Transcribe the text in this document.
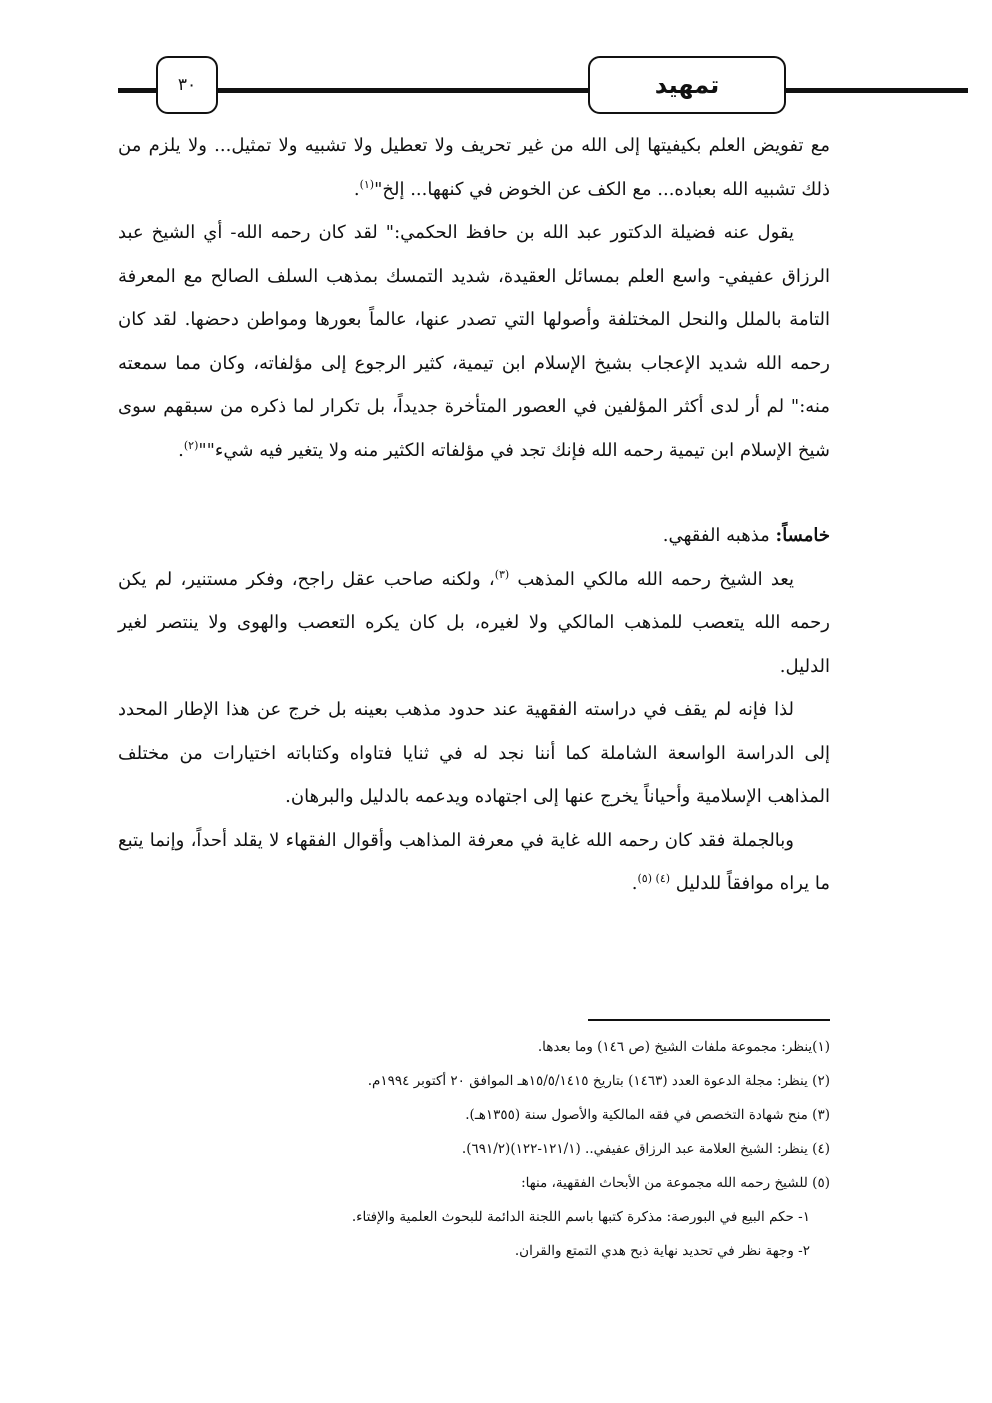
٣٠	تمهيد

مع تفويض العلم بكيفيتها إلى الله من غير تحريف ولا تعطيل ولا تشبيه ولا تمثيل... ولا يلزم من ذلك تشبيه الله بعباده... مع الكف عن الخوض في كنهها... إلخ"$^{(١)}$.

يقول عنه فضيلة الدكتور عبد الله بن حافظ الحكمي:" لقد كان رحمه الله- أي الشيخ عبد الرزاق عفيفي- واسع العلم بمسائل العقيدة، شديد التمسك بمذهب السلف الصالح مع المعرفة التامة بالملل والنحل المختلفة وأصولها التي تصدر عنها، عالماً بعورها ومواطن دحضها. لقد كان رحمه الله شديد الإعجاب بشيخ الإسلام ابن تيمية، كثير الرجوع إلى مؤلفاته، وكان مما سمعته منه:" لم أر لدى أكثر المؤلفين في العصور المتأخرة جديداً، بل تكرار لما ذكره من سبقهم سوى شيخ الإسلام ابن تيمية رحمه الله فإنك تجد في مؤلفاته الكثير منه ولا يتغير فيه شيء""$^{(٢)}$.

خامساً: مذهبه الفقهي.

يعد الشيخ رحمه الله مالكي المذهب $^{(٣)}$، ولكنه صاحب عقل راجح، وفكر مستنير، لم يكن رحمه الله يتعصب للمذهب المالكي ولا لغيره، بل كان يكره التعصب والهوى ولا ينتصر لغير الدليل.

لذا فإنه لم يقف في دراسته الفقهية عند حدود مذهب بعينه بل خرج عن هذا الإطار المحدد إلى الدراسة الواسعة الشاملة كما أننا نجد له في ثنايا فتاواه وكتاباته اختيارات من مختلف المذاهب الإسلامية وأحياناً يخرج عنها إلى اجتهاده ويدعمه بالدليل والبرهان.

وبالجملة فقد كان رحمه الله غاية في معرفة المذاهب وأقوال الفقهاء لا يقلد أحداً، وإنما يتبع ما يراه موافقاً للدليل $^{(٤) (٥)}$.

(١)ينظر: مجموعة ملفات الشيخ (ص ١٤٦) وما بعدها.

(٢) ينظر: مجلة الدعوة العدد (١٤٦٣) بتاريخ ١٥/٥/١٤١٥هـ الموافق ٢٠ أكتوبر ١٩٩٤م.

(٣) منح شهادة التخصص في فقه المالكية والأصول سنة (١٣٥٥هـ).

(٤) ينظر: الشيخ العلامة عبد الرزاق عفيفي.. (١٢١/١-١٢٢)(٦٩١/٢).

(٥) للشيخ رحمه الله مجموعة من الأبحاث الفقهية، منها:

١- حكم البيع في البورصة: مذكرة كتبها باسم اللجنة الدائمة للبحوث العلمية والإفتاء.

٢- وجهة نظر في تحديد نهاية ذبح هدي التمتع والقران.
